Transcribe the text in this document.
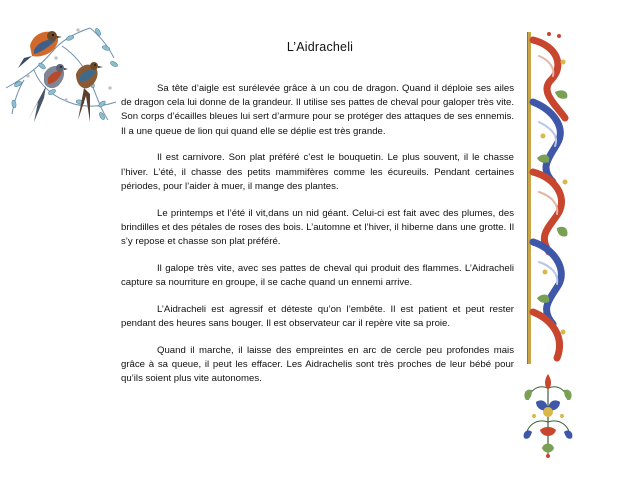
L’Aidracheli

Sa tête d’aigle est surélevée grâce à un cou de dragon. Quand il déploie ses ailes de dragon cela lui donne de la grandeur. Il utilise ses pattes de cheval pour galoper très vite. Son corps d’écailles bleues lui sert d’armure pour se protéger des attaques de ses ennemis. Il a une queue de lion qui quand elle se déplie est très grande.

Il est carnivore. Son plat préféré c’est le bouquetin. Le plus souvent, il le chasse l’hiver. L’été, il chasse des petits mammifères comme les écureuils. Pendant certaines périodes, pour l’aider à muer, il mange des plantes.

Le printemps et l’été il vit,dans un nid géant. Celui-ci est fait avec des plumes, des brindilles et des pétales de roses des bois. L’automne et l’hiver, il hiberne dans une grotte. Il s’y repose et chasse son plat préféré.

Il galope très vite, avec ses pattes de cheval qui produit des flammes. L’Aidracheli capture sa nourriture en groupe, il se cache quand un ennemi arrive.

L’Aidracheli est agressif et déteste qu’on l’embête. Il est patient et peut rester pendant des heures sans bouger. Il est observateur car il repère vite sa proie.

Quand il marche, il laisse des empreintes en arc de cercle peu profondes mais grâce à sa queue, il peut les effacer. Les Aidrachelis sont très proches de leur bébé pour qu’ils soient plus vite autonomes.
